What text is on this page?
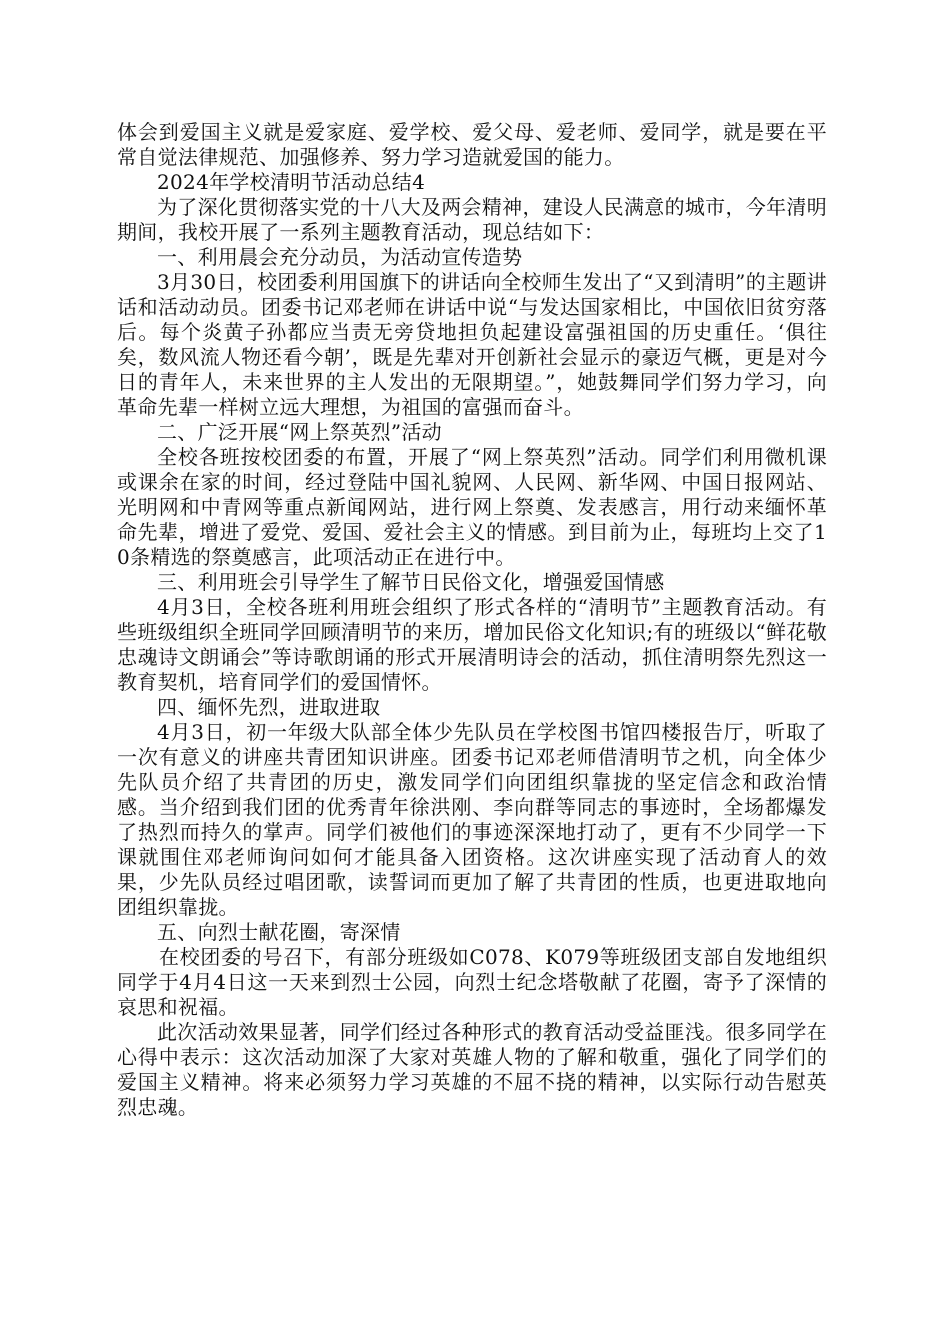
体会到爱国主义就是爱家庭、爱学校、爱父母、爱老师、爱同学，就是要在平常自觉法律规范、加强修养、努力学习造就爱国的能力。

2024年学校清明节活动总结4

为了深化贯彻落实党的十八大及两会精神，建设人民满意的城市，今年清明期间，我校开展了一系列主题教育活动，现总结如下：

一、利用晨会充分动员，为活动宣传造势

3月30日，校团委利用国旗下的讲话向全校师生发出了“又到清明”的主题讲话和活动动员。团委书记邓老师在讲话中说“与发达国家相比，中国依旧贫穷落后。每个炎黄子孙都应当责无旁贷地担负起建设富强祖国的历史重任。‘俱往矣，数风流人物还看今朝’，既是先辈对开创新社会显示的豪迈气概，更是对今日的青年人，未来世界的主人发出的无限期望。”，她鼓舞同学们努力学习，向革命先辈一样树立远大理想，为祖国的富强而奋斗。

二、广泛开展“网上祭英烈”活动

全校各班按校团委的布置，开展了“网上祭英烈”活动。同学们利用微机课或课余在家的时间，经过登陆中国礼貌网、人民网、新华网、中国日报网站、光明网和中青网等重点新闻网站，进行网上祭奠、发表感言，用行动来缅怀革命先辈，增进了爱党、爱国、爱社会主义的情感。到目前为止，每班均上交了10条精选的祭奠感言，此项活动正在进行中。

三、利用班会引导学生了解节日民俗文化，增强爱国情感

4月3日，全校各班利用班会组织了形式各样的“清明节”主题教育活动。有些班级组织全班同学回顾清明节的来历，增加民俗文化知识;有的班级以“鲜花敬忠魂诗文朗诵会”等诗歌朗诵的形式开展清明诗会的活动，抓住清明祭先烈这一教育契机，培育同学们的爱国情怀。

四、缅怀先烈，进取进取

4月3日，初一年级大队部全体少先队员在学校图书馆四楼报告厅，听取了一次有意义的讲座共青团知识讲座。团委书记邓老师借清明节之机，向全体少先队员介绍了共青团的历史，激发同学们向团组织靠拢的坚定信念和政治情感。当介绍到我们团的优秀青年徐洪刚、李向群等同志的事迹时，全场都爆发了热烈而持久的掌声。同学们被他们的事迹深深地打动了，更有不少同学一下课就围住邓老师询问如何才能具备入团资格。这次讲座实现了活动育人的效果，少先队员经过唱团歌，读誓词而更加了解了共青团的性质，也更进取地向团组织靠拢。

五、向烈士献花圈，寄深情

在校团委的号召下，有部分班级如C078、K079等班级团支部自发地组织同学于4月4日这一天来到烈士公园，向烈士纪念塔敬献了花圈，寄予了深情的哀思和祝福。

此次活动效果显著，同学们经过各种形式的教育活动受益匪浅。很多同学在心得中表示：这次活动加深了大家对英雄人物的了解和敬重，强化了同学们的爱国主义精神。将来必须努力学习英雄的不屈不挠的精神，以实际行动告慰英烈忠魂。
